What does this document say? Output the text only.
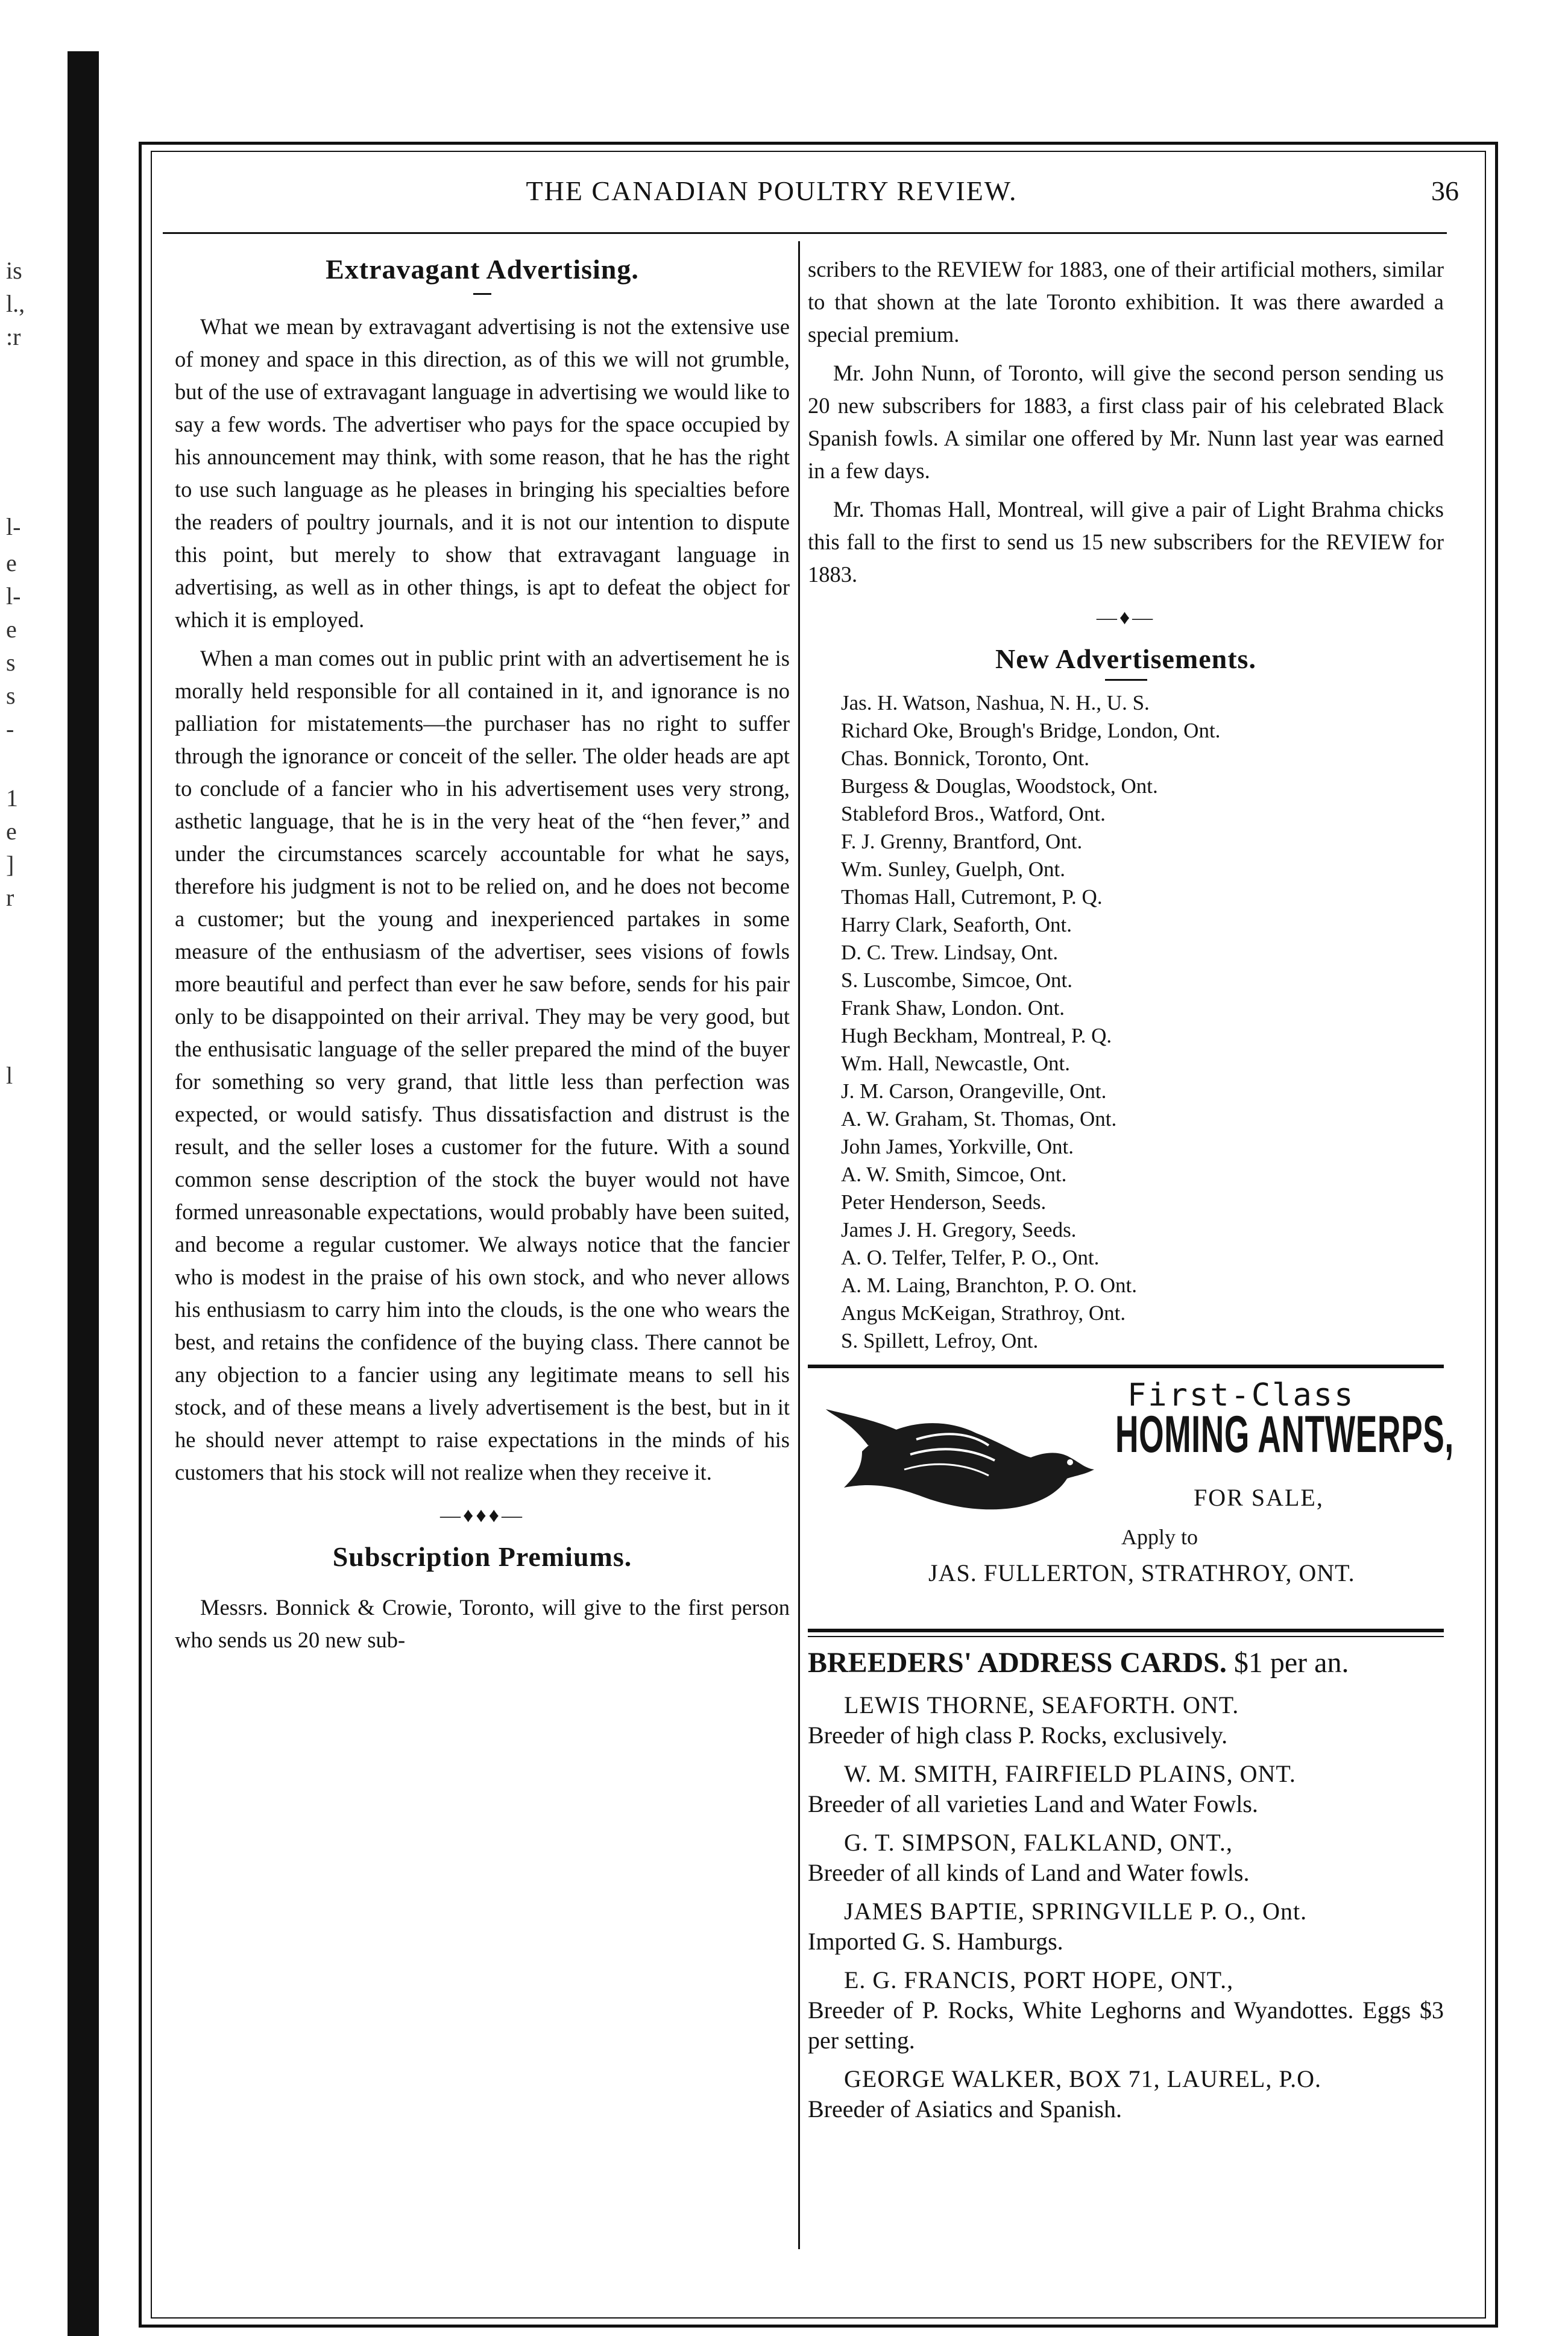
is
l.,
:r
l-
e
l-
e
s
s
-
1
e
]
r
l
THE CANADIAN POULTRY REVIEW.	36
Extravagant Advertising.

What we mean by extravagant advertising is not the extensive use of money and space in this direction, as of this we will not grumble, but of the use of extravagant language in advertising we would like to say a few words. The advertiser who pays for the space occupied by his announcement may think, with some reason, that he has the right to use such language as he pleases in bringing his specialties before the readers of poultry journals, and it is not our intention to dispute this point, but merely to show that extravagant language in advertising, as well as in other things, is apt to defeat the object for which it is employed.

When a man comes out in public print with an advertisement he is morally held responsible for all contained in it, and ignorance is no palliation for mistatements—the purchaser has no right to suffer through the ignorance or conceit of the seller. The older heads are apt to conclude of a fancier who in his advertisement uses very strong, asthetic language, that he is in the very heat of the “hen fever,” and under the circumstances scarcely accountable for what he says, therefore his judgment is not to be relied on, and he does not become a customer; but the young and inexperienced partakes in some measure of the enthusiasm of the advertiser, sees visions of fowls more beautiful and perfect than ever he saw before, sends for his pair only to be disappointed on their arrival. They may be very good, but the enthusisatic language of the seller prepared the mind of the buyer for something so very grand, that little less than perfection was expected, or would satisfy. Thus dissatisfaction and distrust is the result, and the seller loses a customer for the future. With a sound common sense description of the stock the buyer would not have formed unreasonable expectations, would probably have been suited, and become a regular customer. We always notice that the fancier who is modest in the praise of his own stock, and who never allows his enthusiasm to carry him into the clouds, is the one who wears the best, and retains the confidence of the buying class. There cannot be any objection to a fancier using any legitimate means to sell his stock, and of these means a lively advertisement is the best, but in it he should never attempt to raise expectations in the minds of his customers that his stock will not realize when they receive it.

—♦♦♦—
Subscription Premiums.

Messrs. Bonnick & Crowie, Toronto, will give to the first person who sends us 20 new sub-

scribers to the REVIEW for 1883, one of their artificial mothers, similar to that shown at the late Toronto exhibition. It was there awarded a special premium.

Mr. John Nunn, of Toronto, will give the second person sending us 20 new subscribers for 1883, a first class pair of his celebrated Black Spanish fowls. A similar one offered by Mr. Nunn last year was earned in a few days.

Mr. Thomas Hall, Montreal, will give a pair of Light Brahma chicks this fall to the first to send us 15 new subscribers for the REVIEW for 1883.

—♦—
New Advertisements.
Jas. H. Watson, Nashua, N. H., U. S.
Richard Oke, Brough's Bridge, London, Ont.
Chas. Bonnick, Toronto, Ont.
Burgess & Douglas, Woodstock, Ont.
Stableford Bros., Watford, Ont.
F. J. Grenny, Brantford, Ont.
Wm. Sunley, Guelph, Ont.
Thomas Hall, Cutremont, P. Q.
Harry Clark, Seaforth, Ont.
D. C. Trew. Lindsay, Ont.
S. Luscombe, Simcoe, Ont.
Frank Shaw, London. Ont.
Hugh Beckham, Montreal, P. Q.
Wm. Hall, Newcastle, Ont.
J. M. Carson, Orangeville, Ont.
A. W. Graham, St. Thomas, Ont.
John James, Yorkville, Ont.
A. W. Smith, Simcoe, Ont.
Peter Henderson, Seeds.
James J. H. Gregory, Seeds.
A. O. Telfer, Telfer, P. O., Ont.
A. M. Laing, Branchton, P. O. Ont.
Angus McKeigan, Strathroy, Ont.
S. Spillett, Lefroy, Ont.
First-Class
HOMING ANTWERPS,
FOR SALE,
Apply to
JAS. FULLERTON, STRATHROY, ONT.
BREEDERS' ADDRESS CARDS. $1 per an.
LEWIS THORNE, SEAFORTH. ONT.
Breeder of high class P. Rocks, exclusively.
W. M. SMITH, FAIRFIELD PLAINS, ONT.
Breeder of all varieties Land and Water Fowls.
G. T. SIMPSON, FALKLAND, ONT.,
Breeder of all kinds of Land and Water fowls.
JAMES BAPTIE, SPRINGVILLE P. O., Ont.
Imported G. S. Hamburgs.
E. G. FRANCIS, PORT HOPE, ONT.,
Breeder of P. Rocks, White Leghorns and Wyandottes. Eggs $3 per setting.
GEORGE WALKER, BOX 71, LAUREL, P.O.
Breeder of Asiatics and Spanish.
